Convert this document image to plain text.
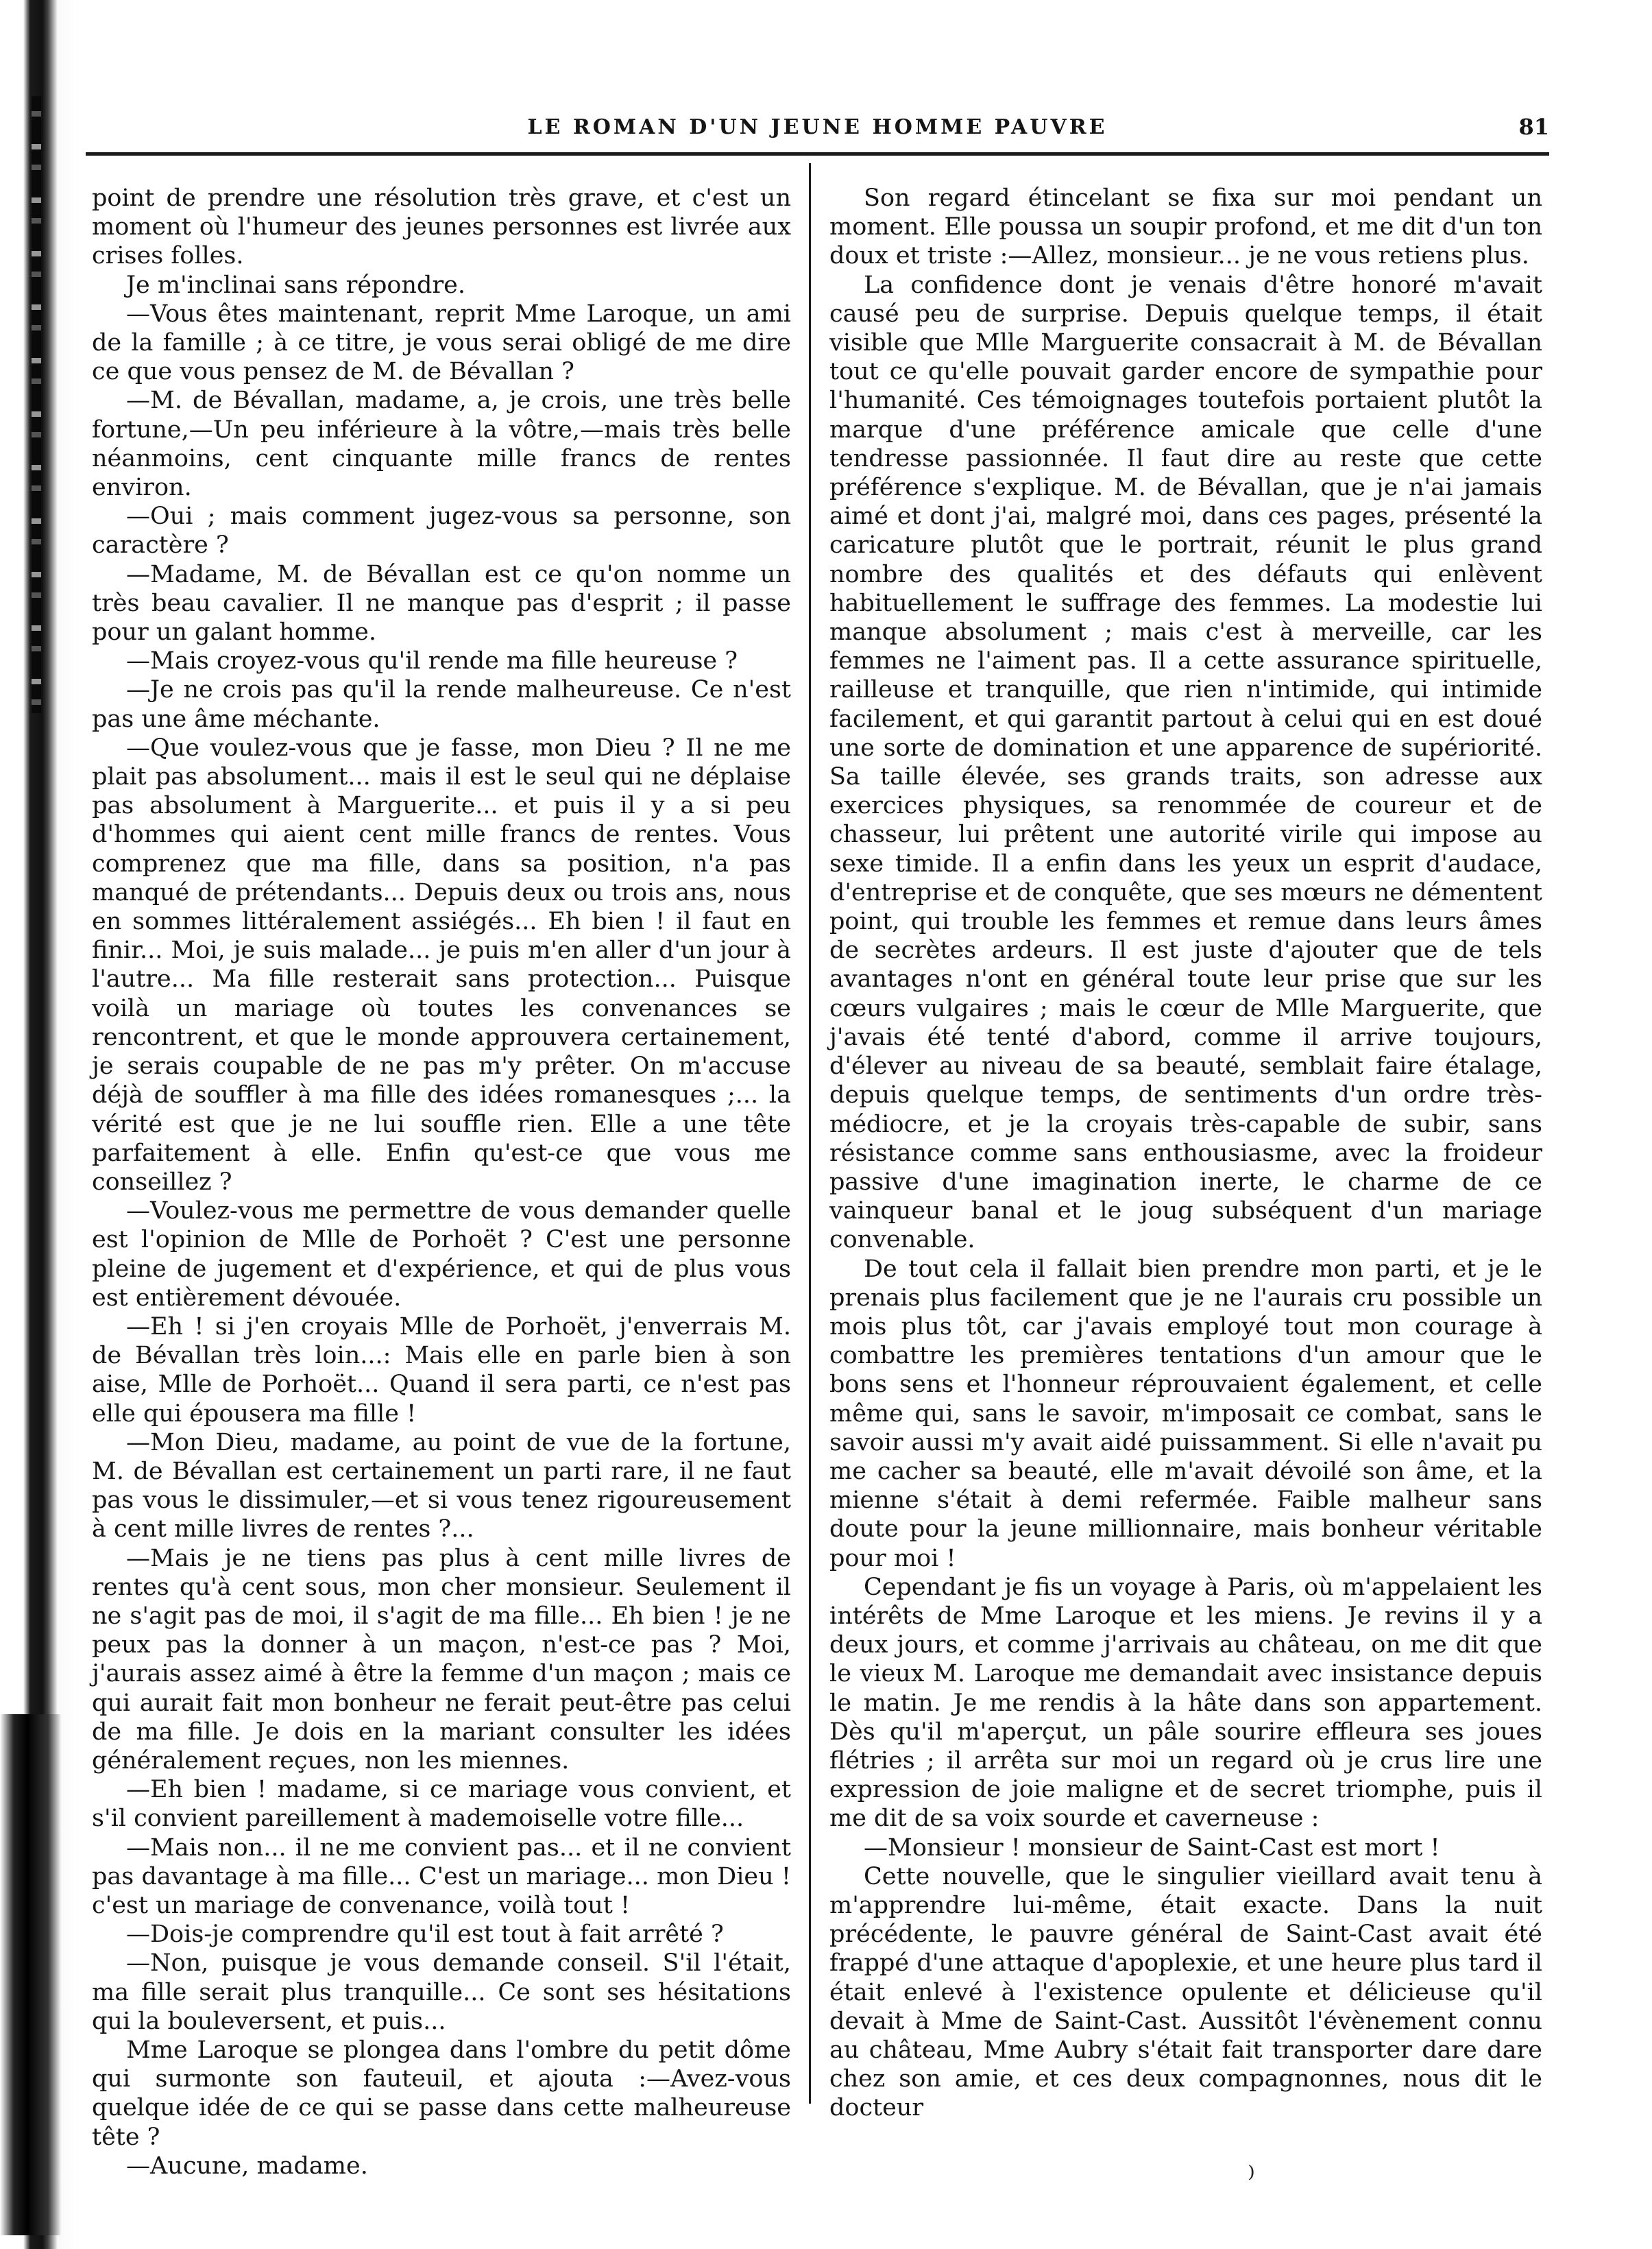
LE ROMAN D'UN JEUNE HOMME PAUVRE	81

point de prendre une résolution très grave, et c'est un moment où l'humeur des jeunes personnes est livrée aux crises folles.

Je m'inclinai sans répondre.

—Vous êtes maintenant, reprit Mme Laroque, un ami de la famille ; à ce titre, je vous serai obligé de me dire ce que vous pensez de M. de Bévallan ?

—M. de Bévallan, madame, a, je crois, une très belle fortune,—Un peu inférieure à la vôtre,—mais très belle néanmoins, cent cinquante mille francs de rentes environ.

—Oui ; mais comment jugez-vous sa personne, son caractère ?

—Madame, M. de Bévallan est ce qu'on nomme un très beau cavalier. Il ne manque pas d'esprit ; il passe pour un galant homme.

—Mais croyez-vous qu'il rende ma fille heureuse ?

—Je ne crois pas qu'il la rende malheureuse. Ce n'est pas une âme méchante.

—Que voulez-vous que je fasse, mon Dieu ? Il ne me plait pas absolument... mais il est le seul qui ne déplaise pas absolument à Marguerite... et puis il y a si peu d'hommes qui aient cent mille francs de rentes. Vous comprenez que ma fille, dans sa position, n'a pas manqué de prétendants... Depuis deux ou trois ans, nous en sommes littéralement assiégés... Eh bien ! il faut en finir... Moi, je suis malade... je puis m'en aller d'un jour à l'autre... Ma fille resterait sans protection... Puisque voilà un mariage où toutes les convenances se rencontrent, et que le monde approuvera certainement, je serais coupable de ne pas m'y prêter. On m'accuse déjà de souffler à ma fille des idées romanesques ;... la vérité est que je ne lui souffle rien. Elle a une tête parfaitement à elle. Enfin qu'est-ce que vous me conseillez ?

—Voulez-vous me permettre de vous demander quelle est l'opinion de Mlle de Porhoët ? C'est une personne pleine de jugement et d'expérience, et qui de plus vous est entièrement dévouée.

—Eh ! si j'en croyais Mlle de Porhoët, j'enverrais M. de Bévallan très loin...: Mais elle en parle bien à son aise, Mlle de Porhoët... Quand il sera parti, ce n'est pas elle qui épousera ma fille !

—Mon Dieu, madame, au point de vue de la fortune, M. de Bévallan est certainement un parti rare, il ne faut pas vous le dissimuler,—et si vous tenez rigoureusement à cent mille livres de rentes ?...

—Mais je ne tiens pas plus à cent mille livres de rentes qu'à cent sous, mon cher monsieur. Seulement il ne s'agit pas de moi, il s'agit de ma fille... Eh bien ! je ne peux pas la donner à un maçon, n'est-ce pas ? Moi, j'aurais assez aimé à être la femme d'un maçon ; mais ce qui aurait fait mon bonheur ne ferait peut-être pas celui de ma fille. Je dois en la mariant consulter les idées généralement reçues, non les miennes.

—Eh bien ! madame, si ce mariage vous convient, et s'il convient pareillement à mademoiselle votre fille...

—Mais non... il ne me convient pas... et il ne convient pas davantage à ma fille... C'est un mariage... mon Dieu ! c'est un mariage de convenance, voilà tout !

—Dois-je comprendre qu'il est tout à fait arrêté ?

—Non, puisque je vous demande conseil. S'il l'était, ma fille serait plus tranquille... Ce sont ses hésitations qui la bouleversent, et puis...

Mme Laroque se plongea dans l'ombre du petit dôme qui surmonte son fauteuil, et ajouta :—Avez-vous quelque idée de ce qui se passe dans cette malheureuse tête ?

—Aucune, madame.

Son regard étincelant se fixa sur moi pendant un moment. Elle poussa un soupir profond, et me dit d'un ton doux et triste :—Allez, monsieur... je ne vous retiens plus.

La confidence dont je venais d'être honoré m'avait causé peu de surprise. Depuis quelque temps, il était visible que Mlle Marguerite consacrait à M. de Bévallan tout ce qu'elle pouvait garder encore de sympathie pour l'humanité. Ces témoignages toutefois portaient plutôt la marque d'une préférence amicale que celle d'une tendresse passionnée. Il faut dire au reste que cette préférence s'explique. M. de Bévallan, que je n'ai jamais aimé et dont j'ai, malgré moi, dans ces pages, présenté la caricature plutôt que le portrait, réunit le plus grand nombre des qualités et des défauts qui enlèvent habituellement le suffrage des femmes. La modestie lui manque absolument ; mais c'est à merveille, car les femmes ne l'aiment pas. Il a cette assurance spirituelle, railleuse et tranquille, que rien n'intimide, qui intimide facilement, et qui garantit partout à celui qui en est doué une sorte de domination et une apparence de supériorité. Sa taille élevée, ses grands traits, son adresse aux exercices physiques, sa renommée de coureur et de chasseur, lui prêtent une autorité virile qui impose au sexe timide. Il a enfin dans les yeux un esprit d'audace, d'entreprise et de conquête, que ses mœurs ne démentent point, qui trouble les femmes et remue dans leurs âmes de secrètes ardeurs. Il est juste d'ajouter que de tels avantages n'ont en général toute leur prise que sur les cœurs vulgaires ; mais le cœur de Mlle Marguerite, que j'avais été tenté d'abord, comme il arrive toujours, d'élever au niveau de sa beauté, semblait faire étalage, depuis quelque temps, de sentiments d'un ordre très-médiocre, et je la croyais très-capable de subir, sans résistance comme sans enthousiasme, avec la froideur passive d'une imagination inerte, le charme de ce vainqueur banal et le joug subséquent d'un mariage convenable.

De tout cela il fallait bien prendre mon parti, et je le prenais plus facilement que je ne l'aurais cru possible un mois plus tôt, car j'avais employé tout mon courage à combattre les premières tentations d'un amour que le bons sens et l'honneur réprouvaient également, et celle même qui, sans le savoir, m'imposait ce combat, sans le savoir aussi m'y avait aidé puissamment. Si elle n'avait pu me cacher sa beauté, elle m'avait dévoilé son âme, et la mienne s'était à demi refermée. Faible malheur sans doute pour la jeune millionnaire, mais bonheur véritable pour moi !

Cependant je fis un voyage à Paris, où m'appelaient les intérêts de Mme Laroque et les miens. Je revins il y a deux jours, et comme j'arrivais au château, on me dit que le vieux M. Laroque me demandait avec insistance depuis le matin. Je me rendis à la hâte dans son appartement. Dès qu'il m'aperçut, un pâle sourire effleura ses joues flétries ; il arrêta sur moi un regard où je crus lire une expression de joie maligne et de secret triomphe, puis il me dit de sa voix sourde et caverneuse :

—Monsieur ! monsieur de Saint-Cast est mort !

Cette nouvelle, que le singulier vieillard avait tenu à m'apprendre lui-même, était exacte. Dans la nuit précédente, le pauvre général de Saint-Cast avait été frappé d'une attaque d'apoplexie, et une heure plus tard il était enlevé à l'existence opulente et délicieuse qu'il devait à Mme de Saint-Cast. Aussitôt l'évènement connu au château, Mme Aubry s'était fait transporter dare dare chez son amie, et ces deux compagnonnes, nous dit le docteur

⁾
